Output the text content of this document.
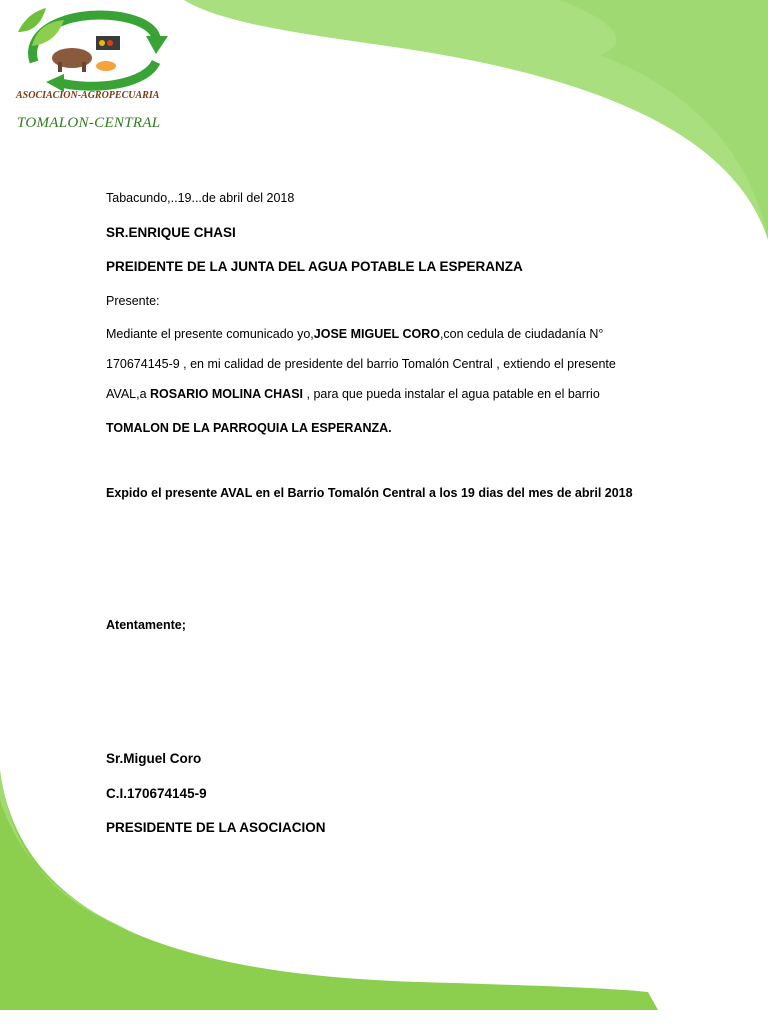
ASOCIACION-AGROPECUARIA
TOMALON-CENTRAL
Tabacundo,..19...de abril del 2018
SR.ENRIQUE CHASI
PREIDENTE DE LA JUNTA DEL AGUA POTABLE LA ESPERANZA
Presente:
Mediante el presente comunicado yo,JOSE MIGUEL CORO,con cedula de ciudadanía N°
170674145-9 , en mi calidad de presidente del barrio Tomalón Central , extiendo el presente
AVAL,a ROSARIO MOLINA CHASI , para que pueda instalar el agua patable en el barrio
TOMALON DE LA PARROQUIA LA ESPERANZA.
Expido el presente AVAL en el Barrio Tomalón Central a los 19 dias del mes de abril 2018
Atentamente;
Sr.Miguel Coro
C.I.170674145-9
PRESIDENTE DE LA ASOCIACION
